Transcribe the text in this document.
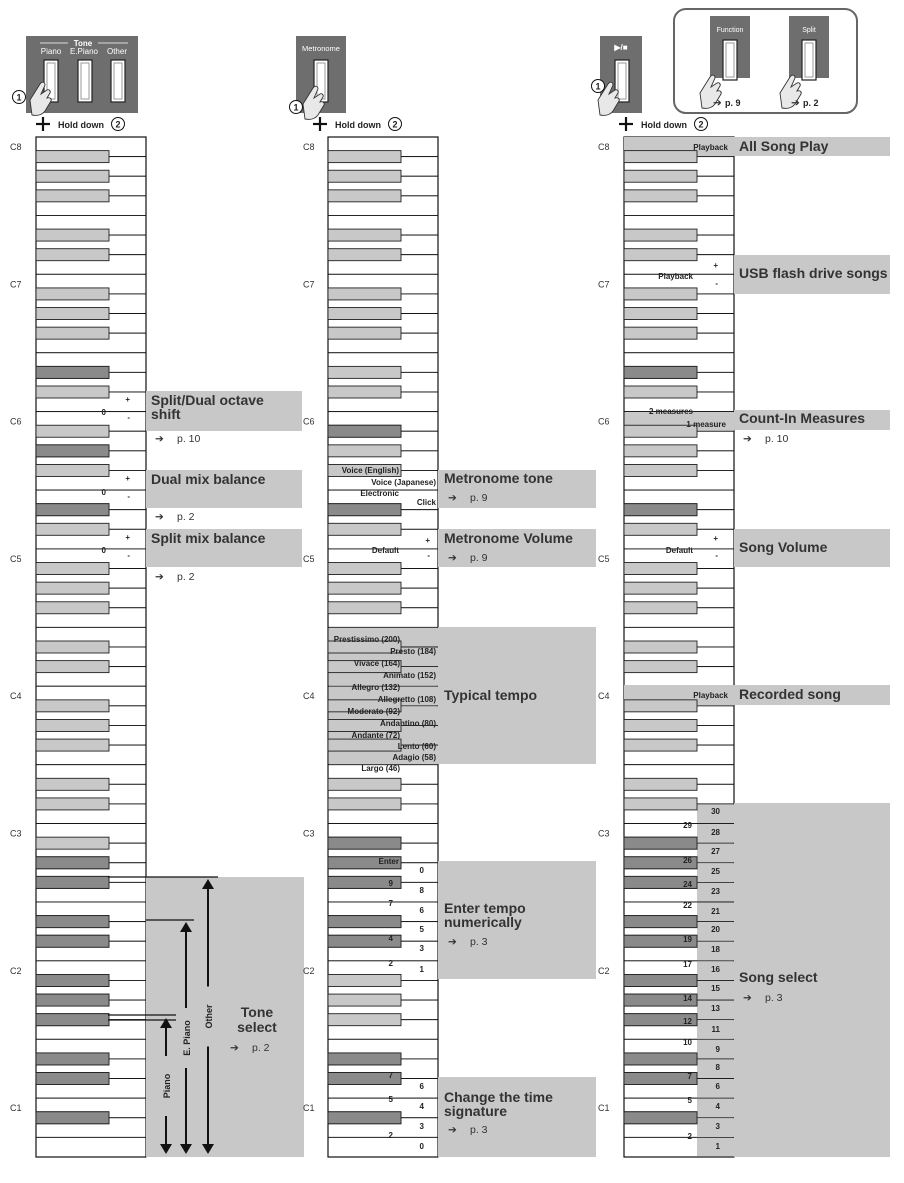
C8
C7
C6
C5
C4
C3
C2
C1
C8
C7
C6
C5
C4
C3
C2
C1
C8
C7
C6
C5
C4
C3
C2
C1
Tone
Piano E.Piano Other
1
Hold down 2
Metronome
1
Hold down 2
▶/■
1
Hold down 2
Function
➔ p. 9
Split
➔ p. 2
+
0
-
Split/Dual octave
shift
➔ p. 10
+
0	-
Dual mix balance
➔ p. 2
+
0
-
Split mix balance
➔ p. 2
Piano
E. Piano
Other Tone
select
➔ p. 2
Voice (English)
Voice (Japanese)
Electronic
Click
Metronome tone
➔ p. 9
+
Default
-
Metronome Volume
➔ p. 9
Prestissimo (200)
Presto (184)
Vivace (164)
Animato (152)
Allegro (132)
Allegretto (108)
Moderato (92)
Andantino (80)
Andante (72)
Lento (60)
Adagio (58)
Largo (46)
Typical tempo
Enter
0
9
8
7
6
5
4
3
2
1
Enter tempo
numerically
➔ p. 3
7
6
5
4
3
2
0
Change the time
signature
➔ p. 3
Playback All Song Play
+
Playback
-
USB flash drive songs
2 measures
1 measure Count-In Measures
➔ p. 10
+
Default
-
Song Volume
Playback Recorded song
30
29
28
27
26
25
24
23
22
21
20
19
18
17
16
15
14
13
12
11
10
9
8
7
6
5
4
3
2
1
Song select
➔ p. 3
